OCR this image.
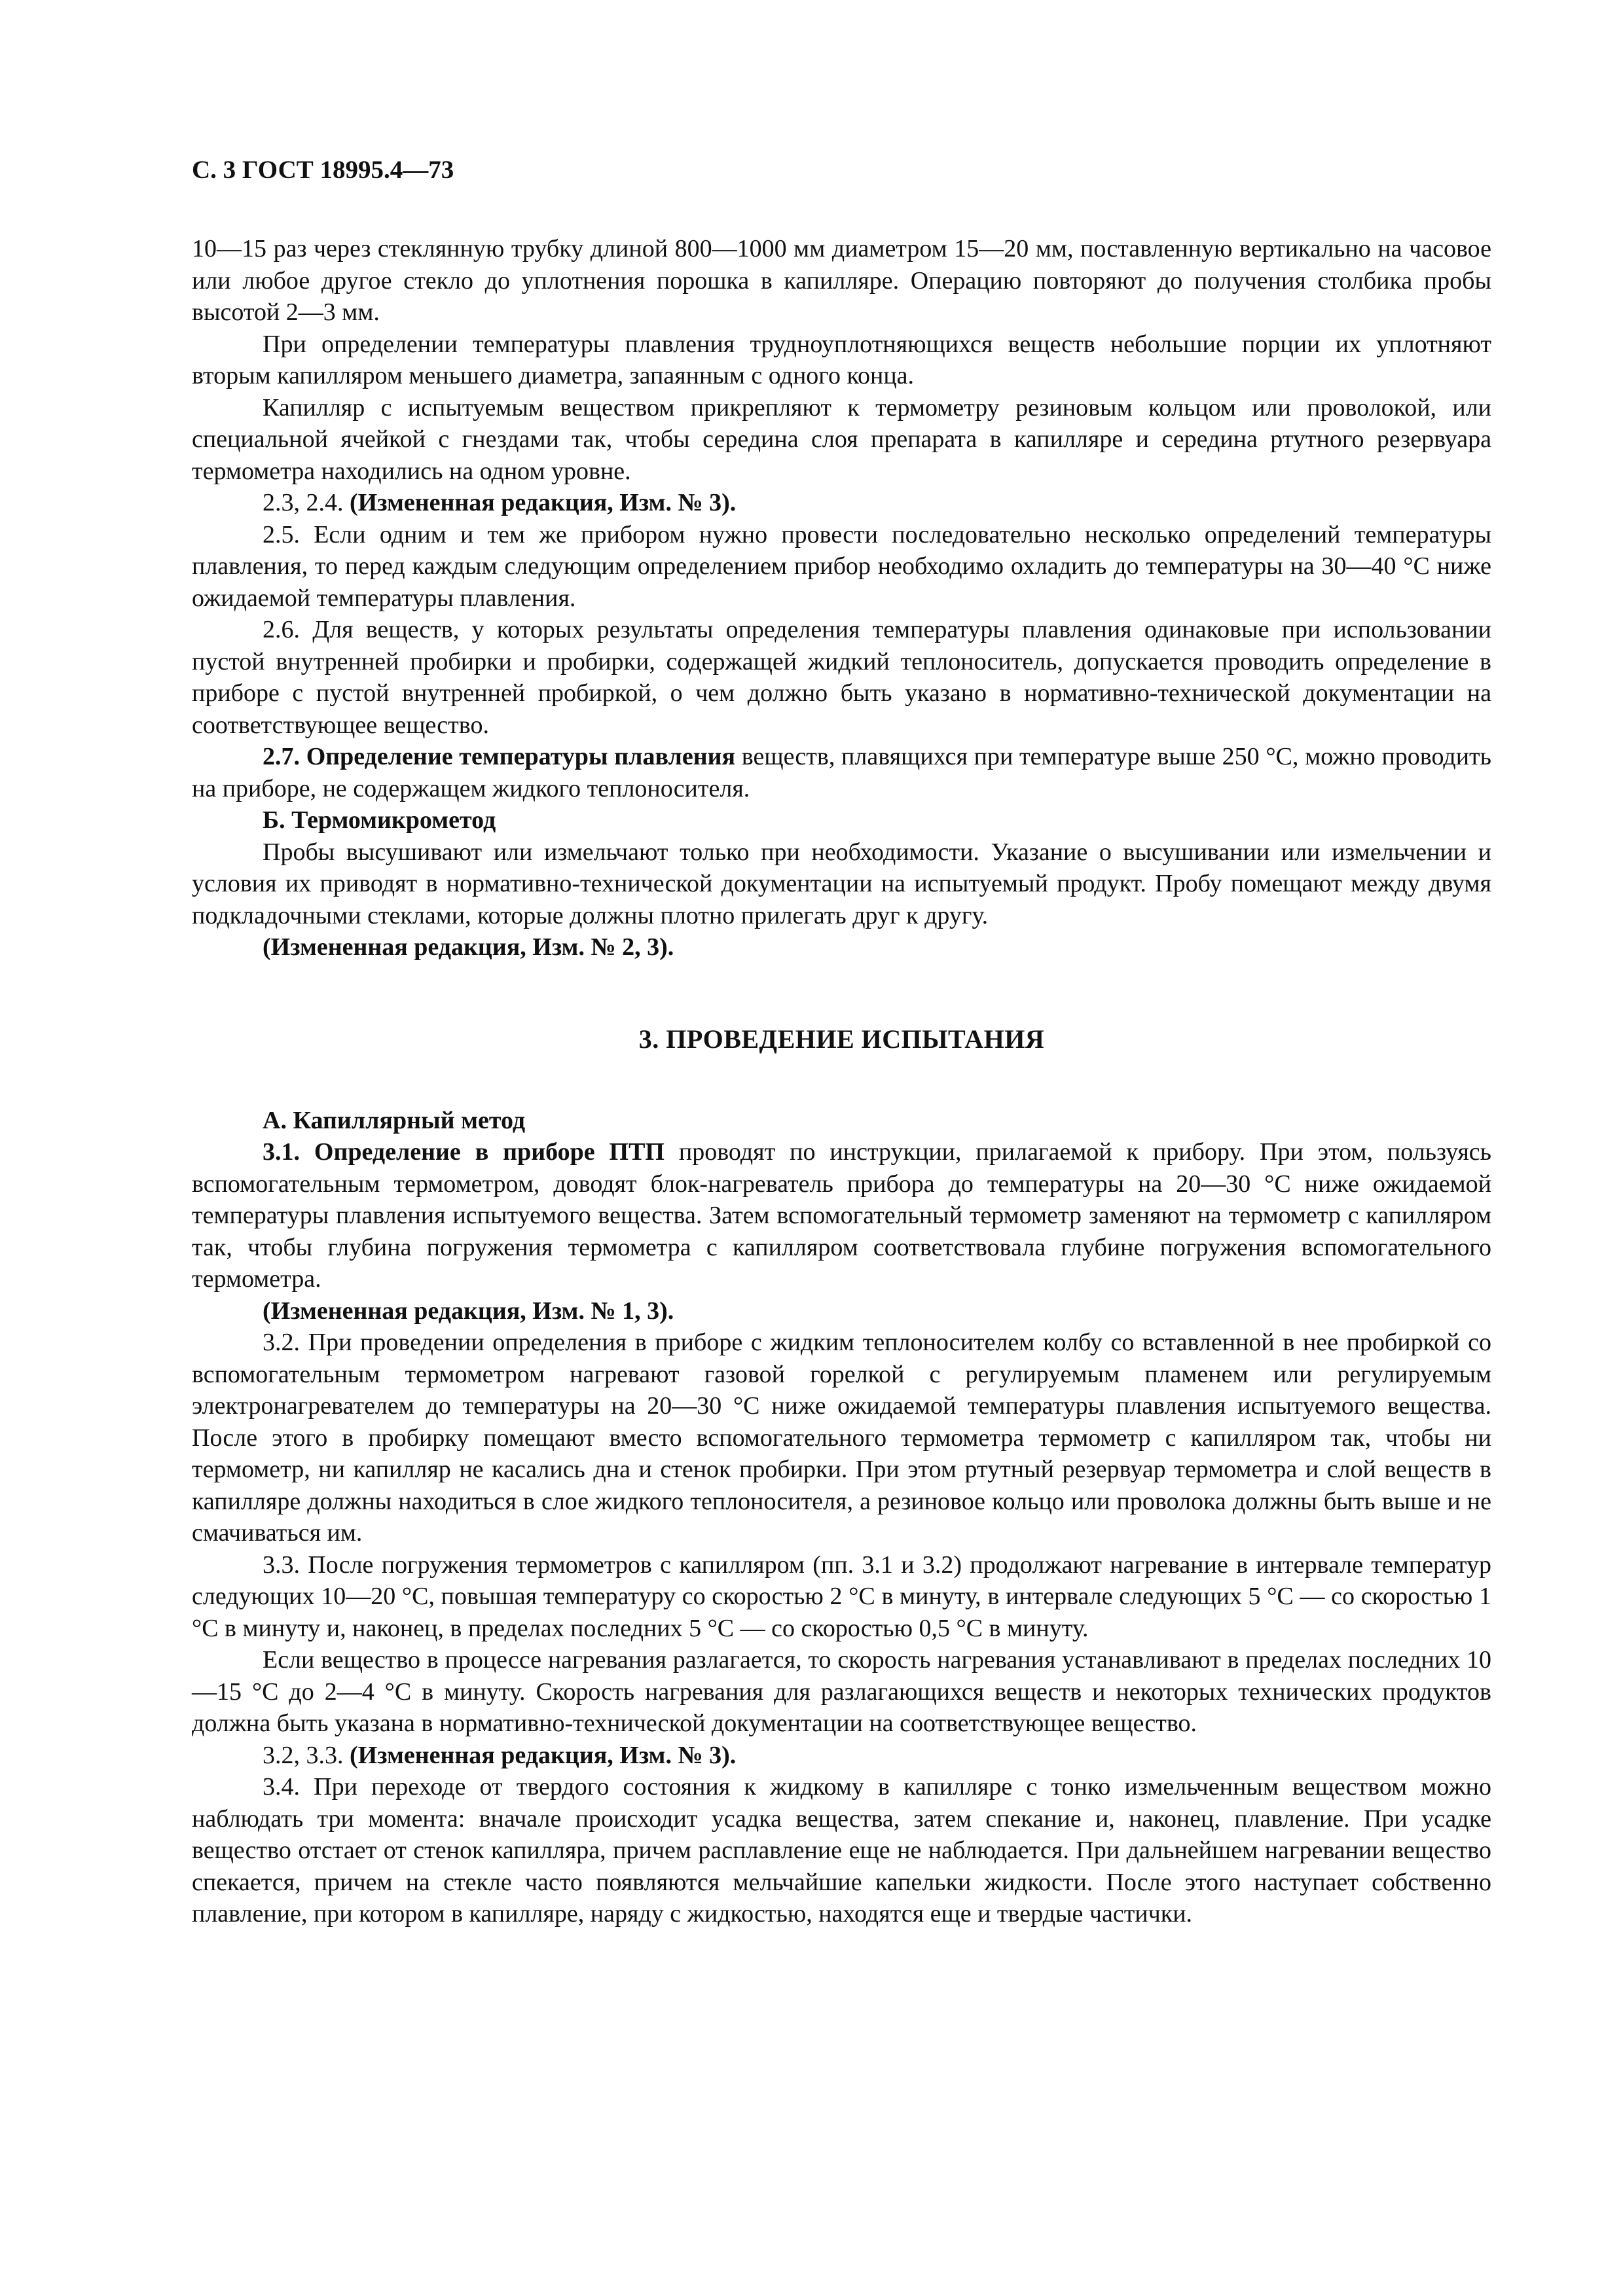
С. 3 ГОСТ 18995.4—73

10—15 раз через стеклянную трубку длиной 800—1000 мм диаметром 15—20 мм, поставленную вертикально на часовое или любое другое стекло до уплотнения порошка в капилляре. Операцию повторяют до получения столбика пробы высотой 2—3 мм.

При определении температуры плавления трудноуплотняющихся веществ небольшие порции их уплотняют вторым капилляром меньшего диаметра, запаянным с одного конца.

Капилляр с испытуемым веществом прикрепляют к термометру резиновым кольцом или проволокой, или специальной ячейкой с гнездами так, чтобы середина слоя препарата в капилляре и середина ртутного резервуара термометра находились на одном уровне.

2.3, 2.4. (Измененная редакция, Изм. № 3).

2.5. Если одним и тем же прибором нужно провести последовательно несколько определений температуры плавления, то перед каждым следующим определением прибор необходимо охладить до температуры на 30—40 °С ниже ожидаемой температуры плавления.

2.6. Для веществ, у которых результаты определения температуры плавления одинаковые при использовании пустой внутренней пробирки и пробирки, содержащей жидкий теплоноситель, допускается проводить определение в приборе с пустой внутренней пробиркой, о чем должно быть указано в нормативно-технической документации на соответствующее вещество.

2.7. Определение температуры плавления веществ, плавящихся при температуре выше 250 °С, можно проводить на приборе, не содержащем жидкого теплоносителя.

Б. Термомикрометод

Пробы высушивают или измельчают только при необходимости. Указание о высушивании или измельчении и условия их приводят в нормативно-технической документации на испытуемый продукт. Пробу помещают между двумя подкладочными стеклами, которые должны плотно прилегать друг к другу.

(Измененная редакция, Изм. № 2, 3).

3. ПРОВЕДЕНИЕ ИСПЫТАНИЯ

А. Капиллярный метод

3.1. Определение в приборе ПТП проводят по инструкции, прилагаемой к прибору. При этом, пользуясь вспомогательным термометром, доводят блок-нагреватель прибора до температуры на 20—30 °С ниже ожидаемой температуры плавления испытуемого вещества. Затем вспомогательный термометр заменяют на термометр с капилляром так, чтобы глубина погружения термометра с капилляром соответствовала глубине погружения вспомогательного термометра.

(Измененная редакция, Изм. № 1, 3).

3.2. При проведении определения в приборе с жидким теплоносителем колбу со вставленной в нее пробиркой со вспомогательным термометром нагревают газовой горелкой с регулируемым пламенем или регулируемым электронагревателем до температуры на 20—30 °С ниже ожидаемой температуры плавления испытуемого вещества. После этого в пробирку помещают вместо вспомогательного термометра термометр с капилляром так, чтобы ни термометр, ни капилляр не касались дна и стенок пробирки. При этом ртутный резервуар термометра и слой веществ в капилляре должны находиться в слое жидкого теплоносителя, а резиновое кольцо или проволока должны быть выше и не смачиваться им.

3.3. После погружения термометров с капилляром (пп. 3.1 и 3.2) продолжают нагревание в интервале температур следующих 10—20 °С, повышая температуру со скоростью 2 °С в минуту, в интервале следующих 5 °С — со скоростью 1 °С в минуту и, наконец, в пределах последних 5 °С — со скоростью 0,5 °С в минуту.

Если вещество в процессе нагревания разлагается, то скорость нагревания устанавливают в пределах последних 10—15 °С до 2—4 °С в минуту. Скорость нагревания для разлагающихся веществ и некоторых технических продуктов должна быть указана в нормативно-технической документации на соответствующее вещество.

3.2, 3.3. (Измененная редакция, Изм. № 3).

3.4. При переходе от твердого состояния к жидкому в капилляре с тонко измельченным веществом можно наблюдать три момента: вначале происходит усадка вещества, затем спекание и, наконец, плавление. При усадке вещество отстает от стенок капилляра, причем расплавление еще не наблюдается. При дальнейшем нагревании вещество спекается, причем на стекле часто появляются мельчайшие капельки жидкости. После этого наступает собственно плавление, при котором в капилляре, наряду с жидкостью, находятся еще и твердые частички.
